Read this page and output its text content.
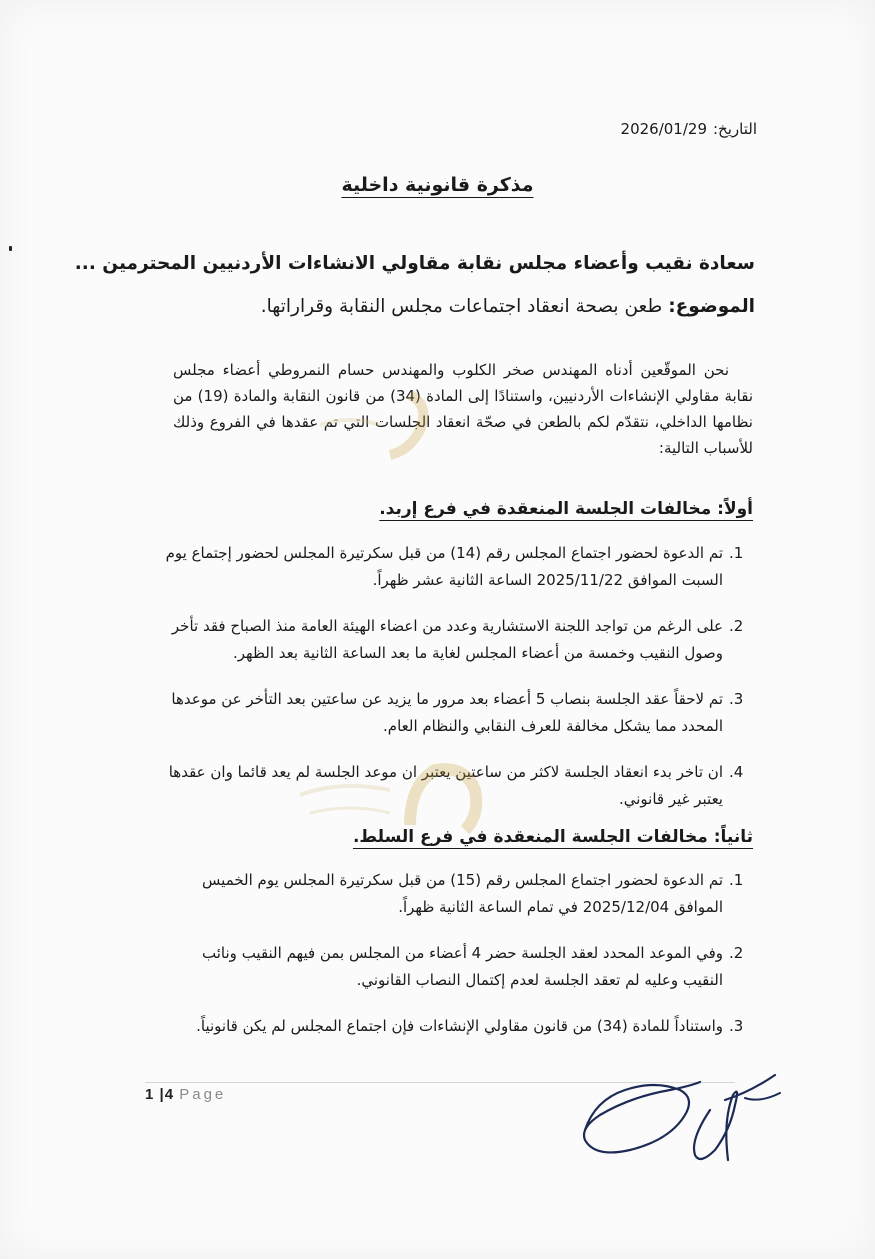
التاريخ:2026/01/29
مذكرة قانونية داخلية
سعادة نقيب وأعضاء مجلس نقابة مقاولي الانشاءات الأردنيين المحترمين ...
الموضوع:طعن بصحة انعقاد اجتماعات مجلس النقابة وقراراتها.
نحن الموقّعين أدناه المهندس صخر الكلوب والمهندس حسام النمروطي أعضاء مجلس نقابة مقاولي الإنشاءات الأردنيين، واستنادًا إلى المادة (34) من قانون النقابة والمادة (19) من نظامها الداخلي، نتقدّم لكم بالطعن في صحّة انعقاد الجلسات التي تم عقدها في الفروع وذلك للأسباب التالية:
أولاً: مخالفات الجلسة المنعقدة في فرع إربد.
1 .
تم الدعوة لحضور اجتماع المجلس رقم (14) من قبل سكرتيرة المجلس لحضور إجتماع يوم السبت الموافق 2025/11/22 الساعة الثانية عشر ظهراً.
2 .
على الرغم من تواجد اللجنة الاستشارية وعدد من اعضاء الهيئة العامة منذ الصباح فقد تأخر وصول النقيب وخمسة من أعضاء المجلس لغاية ما بعد الساعة الثانية بعد الظهر.
3 .
تم لاحقاً عقد الجلسة بنصاب 5 أعضاء بعد مرور ما يزيد عن ساعتين بعد التأخر عن موعدها المحدد مما يشكل مخالفة للعرف النقابي والنظام العام.
4 .
ان تاخر بدء انعقاد الجلسة لاكثر من ساعتين يعتبر ان موعد الجلسة لم يعد قائما وان عقدها يعتبر غير قانوني.
ثانياً: مخالفات الجلسة المنعقدة في فرع السلط.
1 .
تم الدعوة لحضور اجتماع المجلس رقم (15) من قبل سكرتيرة المجلس يوم الخميس الموافق 2025/12/04 في تمام الساعة الثانية ظهراً.
2 .
وفي الموعد المحدد لعقد الجلسة حضر 4 أعضاء من المجلس بمن فيهم النقيب ونائب النقيب وعليه لم تعقد الجلسة لعدم إكتمال النصاب القانوني.
3 .
واستناداً للمادة (34) من قانون مقاولي الإنشاءات فإن اجتماع المجلس لم يكن قانونياً.
1 |4 Page
